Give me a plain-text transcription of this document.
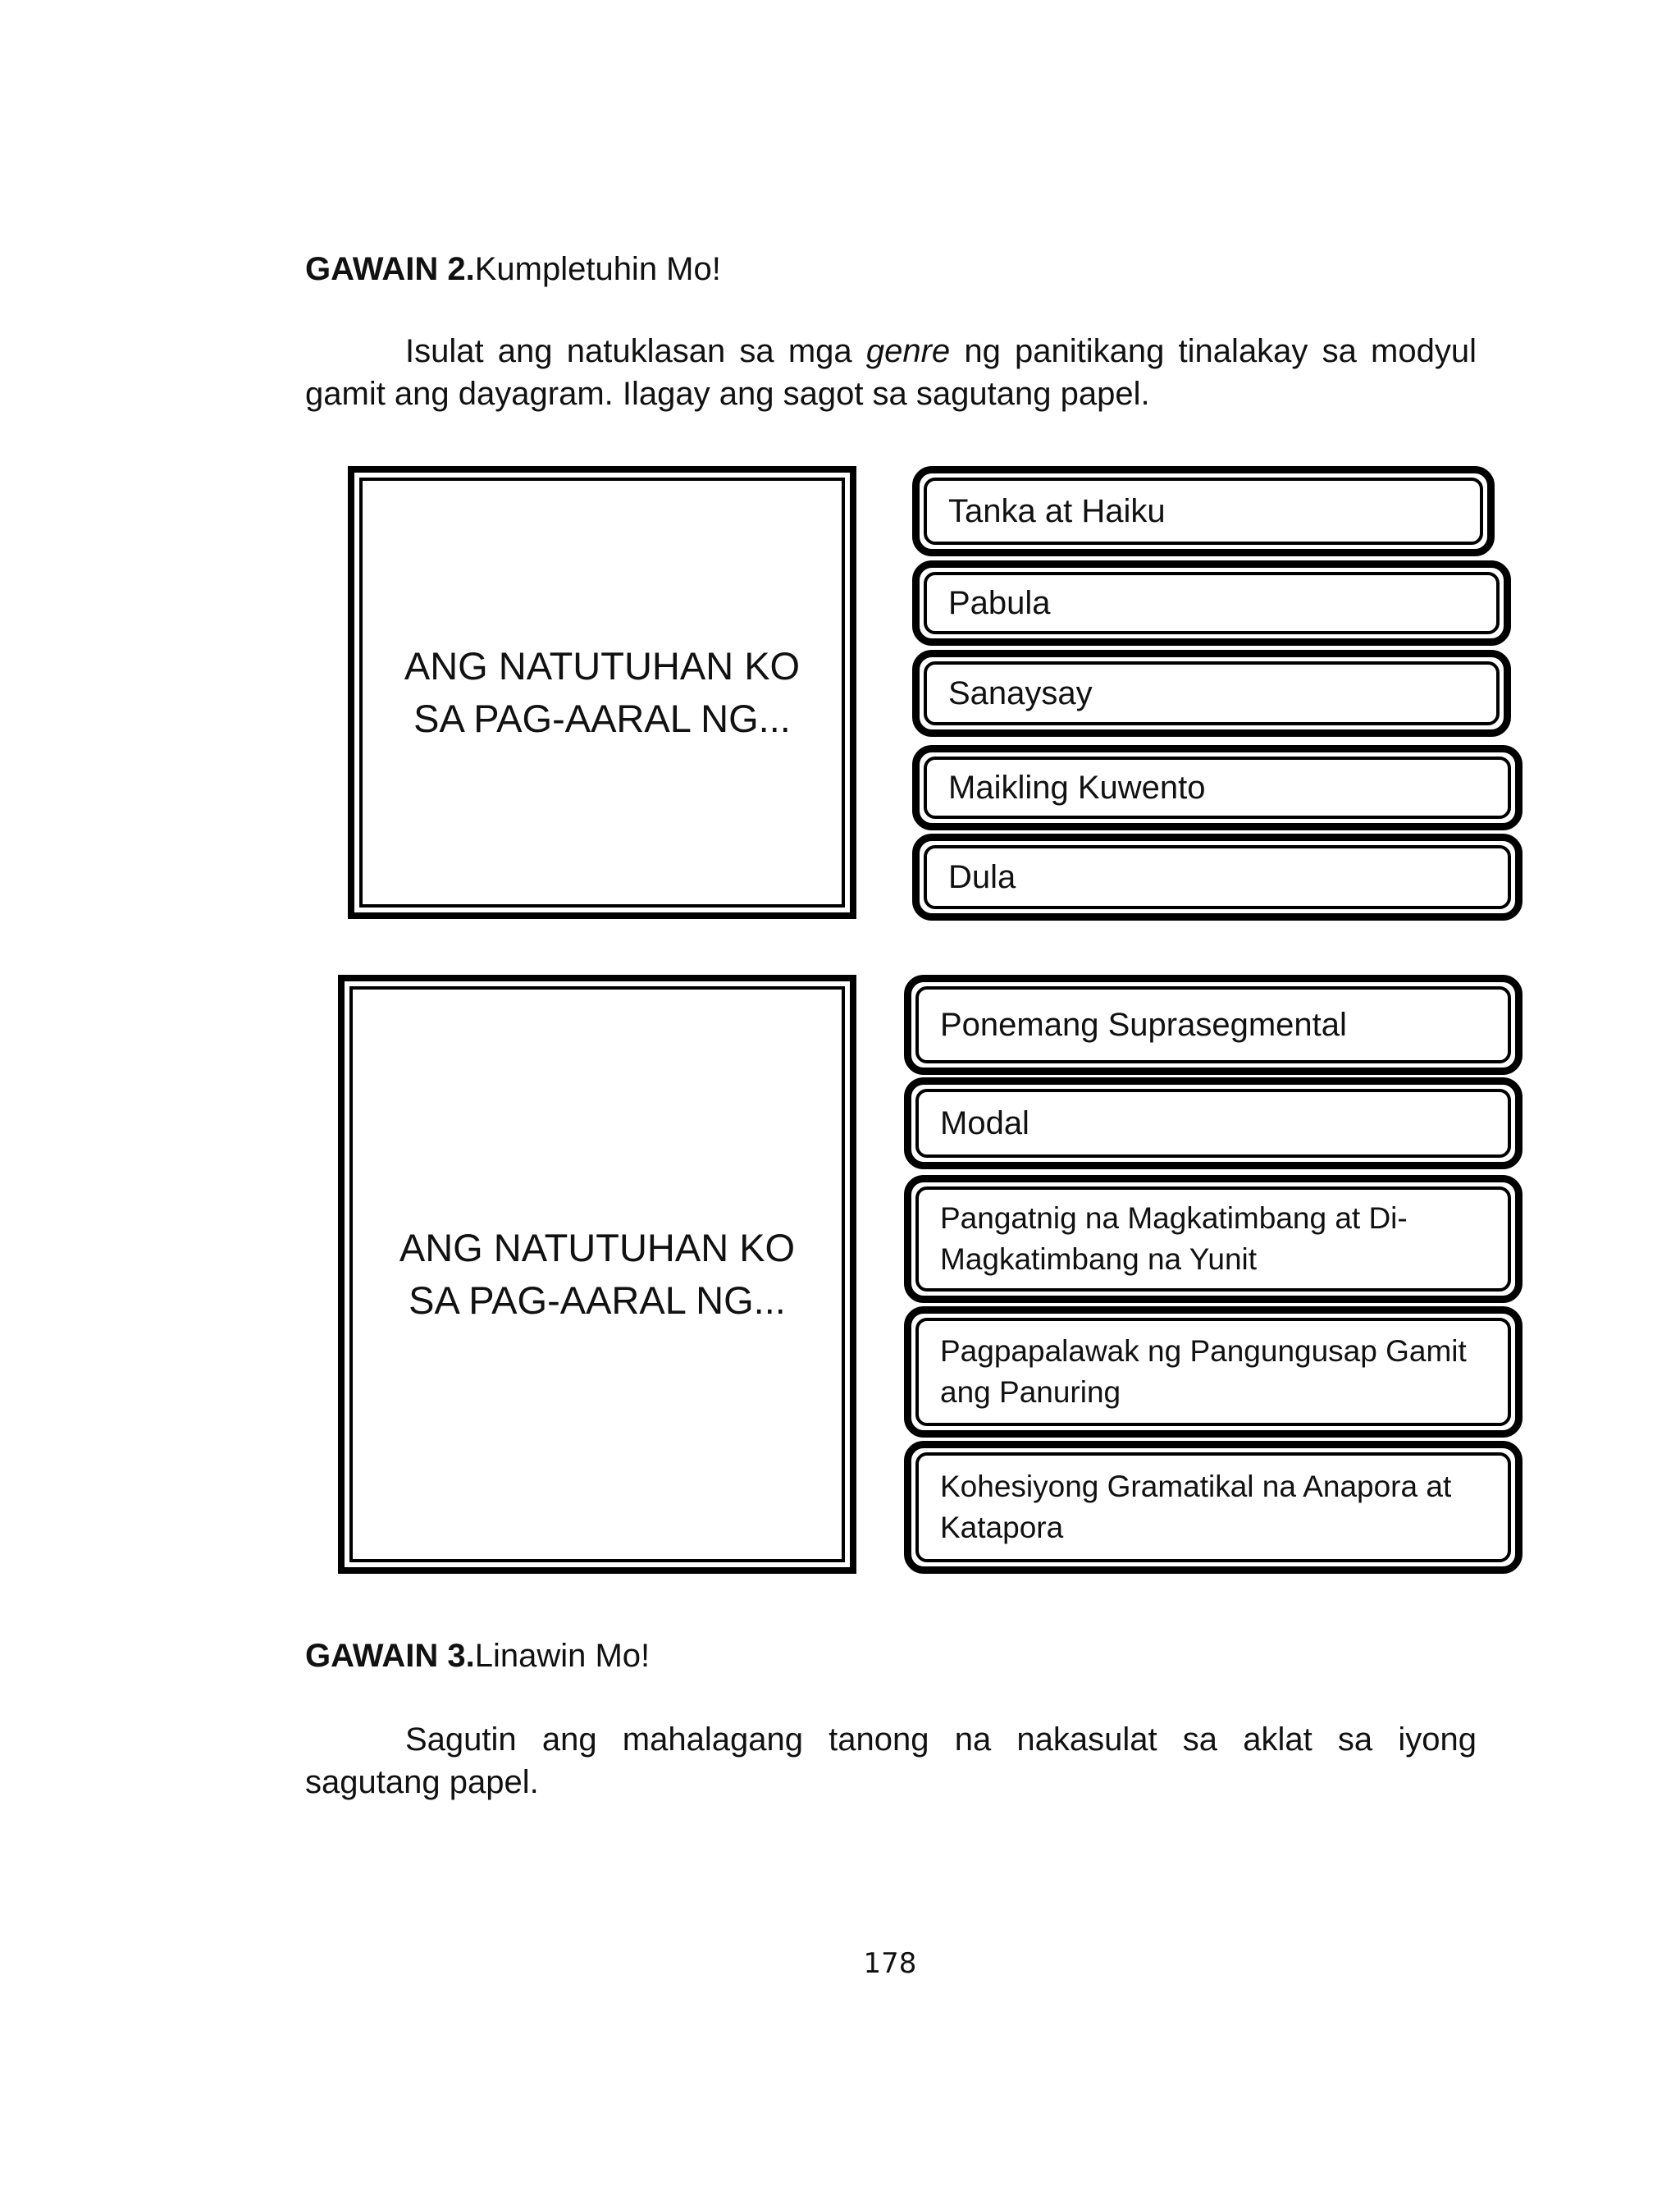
GAWAIN 2.Kumpletuhin Mo!
Isulat ang natuklasan sa mga genre ng panitikang tinalakay sa modyul gamit ang dayagram. Ilagay ang sagot sa sagutang papel.
ANG NATUTUHAN KO SA PAG-AARAL NG...
Tanka at Haiku
Pabula
Sanaysay
Maikling Kuwento
Dula
ANG NATUTUHAN KO SA PAG-AARAL NG...
Ponemang Suprasegmental
Modal
Pangatnig na Magkatimbang at Di-Magkatimbang na Yunit
Pagpapalawak ng Pangungusap Gamit ang Panuring
Kohesiyong Gramatikal na Anapora at Katapora
GAWAIN 3.Linawin Mo!
Sagutin ang mahalagang tanong na nakasulat sa aklat sa iyong
sagutang papel.
178
